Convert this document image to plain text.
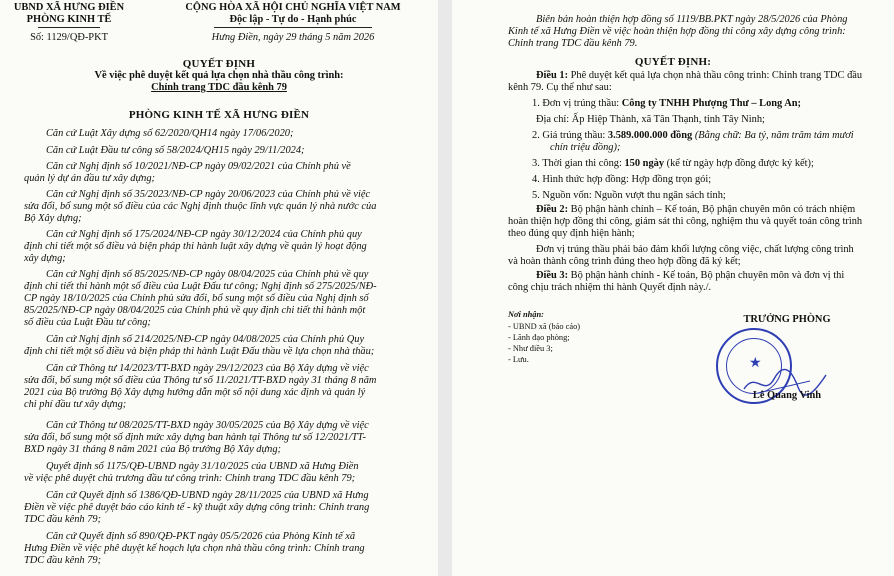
UBND XÃ HƯNG ĐIỀN
PHÒNG KINH TẾ
Số: 1129/QĐ-PKT
CỘNG HÒA XÃ HỘI CHỦ NGHĨA VIỆT NAM
Độc lập - Tự do - Hạnh phúc
Hưng Điền, ngày 29 tháng 5 năm 2026
QUYẾT ĐỊNH
Về việc phê duyệt kết quả lựa chọn nhà thầu công trình:
Chỉnh trang TDC đầu kênh 79
PHÒNG KINH TẾ XÃ HƯNG ĐIỀN
Căn cứ Luật Xây dựng số 62/2020/QH14 ngày 17/06/2020;
Căn cứ Luật Đầu tư công số 58/2024/QH15 ngày 29/11/2024;
Căn cứ Nghị định số 10/2021/NĐ-CP ngày 09/02/2021 của Chính phủ về
quản lý dự án đầu tư xây dựng;
Căn cứ Nghị định số 35/2023/NĐ-CP ngày 20/06/2023 của Chính phủ về việc
sửa đổi, bổ sung một số điều của các Nghị định thuộc lĩnh vực quản lý nhà nước của
Bộ Xây dựng;
Căn cứ Nghị định số 175/2024/NĐ-CP ngày 30/12/2024 của Chính phủ quy
định chi tiết một số điều và biện pháp thi hành luật xây dựng về quản lý hoạt động
xây dựng;
Căn cứ Nghị định số 85/2025/NĐ-CP ngày 08/04/2025 của Chính phủ về quy
định chi tiết thi hành một số điều của Luật Đấu tư công; Nghị định số 275/2025/NĐ-
CP ngày 18/10/2025 của Chính phủ sửa đổi, bổ sung một số điều của Nghị định số
85/2025/NĐ-CP ngày 08/04/2025 của Chính phủ về quy định chi tiết thi hành một
số điều của Luật Đầu tư công;
Căn cứ Nghị định số 214/2025/NĐ-CP ngày 04/08/2025 của Chính phủ Quy
định chi tiết một số điều và biện pháp thi hành Luật Đấu thầu về lựa chọn nhà thầu;
Căn cứ Thông tư 14/2023/TT-BXD ngày 29/12/2023 của Bộ Xây dựng về việc
sửa đổi, bổ sung một số điều của Thông tư số 11/2021/TT-BXD ngày 31 tháng 8 năm
2021 của Bộ trưởng Bộ Xây dựng hướng dẫn một số nội dung xác định và quản lý
chi phí đầu tư xây dựng;
Căn cứ Thông tư 08/2025/TT-BXD ngày 30/05/2025 của Bộ Xây dựng về việc
sửa đổi, bổ sung một số định mức xây dựng ban hành tại Thông tư số 12/2021/TT-
BXD ngày 31 tháng 8 năm 2021 của Bộ trưởng Bộ Xây dựng;
Quyết định số 1175/QĐ-UBND ngày 31/10/2025 của UBND xã Hưng Điền
về việc phê duyệt chủ trương đầu tư công trình: Chỉnh trang TDC đầu kênh 79;
Căn cứ Quyết định số 1386/QĐ-UBND ngày 28/11/2025 của UBND xã Hưng
Điền về việc phê duyệt báo cáo kinh tế - kỹ thuật xây dựng công trình: Chỉnh trang
TDC đầu kênh 79;
Căn cứ Quyết định số 890/QĐ-PKT ngày 05/5/2026 của Phòng Kinh tế xã
Hưng Điền về việc phê duyệt kế hoạch lựa chọn nhà thầu công trình: Chỉnh trang
TDC đầu kênh 79;
Biên bản hoàn thiện hợp đồng số 1119/BB.PKT ngày 28/5/2026 của Phòng
Kinh tế xã Hưng Điền về việc hoàn thiện hợp đồng thi công xây dựng công trình:
Chỉnh trang TDC đầu kênh 79.
QUYẾT ĐỊNH:
Điều 1: Phê duyệt kết quả lựa chọn nhà thầu công trình: Chỉnh trang TDC đầu
kênh 79. Cụ thể như sau:
1. Đơn vị trúng thầu: Công ty TNHH Phượng Thư – Long An;
Địa chỉ: Ấp Hiệp Thành, xã Tân Thạnh, tỉnh Tây Ninh;
2. Giá trúng thầu: 3.589.000.000 đồng (Bằng chữ: Ba tỷ, năm trăm tám mươi
chín triệu đồng);
3. Thời gian thi công: 150 ngày (kể từ ngày hợp đồng được ký kết);
4. Hình thức hợp đồng: Hợp đồng trọn gói;
5. Nguồn vốn: Nguồn vượt thu ngân sách tỉnh;
Điều 2: Bộ phận hành chính – Kế toán, Bộ phận chuyên môn có trách nhiệm
hoàn thiện hợp đồng thi công, giám sát thi công, nghiệm thu và quyết toán công trình
theo đúng quy định hiện hành;
Đơn vị trúng thầu phải bảo đảm khối lượng công việc, chất lượng công trình
và hoàn thành công trình đúng theo hợp đồng đã ký kết;
Điều 3: Bộ phận hành chính - Kế toán, Bộ phận chuyên môn và đơn vị thi
công chịu trách nhiệm thi hành Quyết định này./.
Nơi nhận:
- UBND xã (báo cáo)
- Lãnh đạo phòng;
- Như điều 3;
- Lưu.
TRƯỞNG PHÒNG
★
Lê Quang Vinh
